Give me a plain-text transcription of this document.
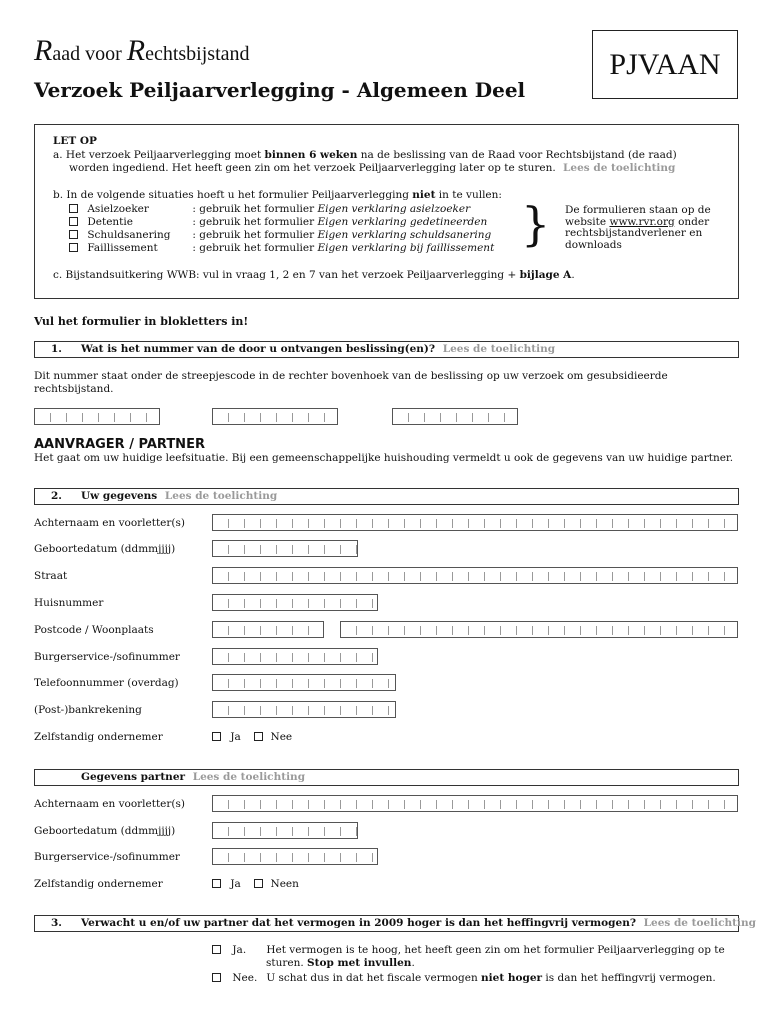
Raad voor Rechtsbijstand
Verzoek Peiljaarverlegging - Algemeen Deel
PJVAAN
LET OP
a. Het verzoek Peiljaarverlegging moet binnen 6 weken na de beslissing van de Raad voor Rechtsbijstand (de raad)
worden ingediend. Het heeft geen zin om het verzoek Peiljaarverlegging later op te sturen. Lees de toelichting
b. In de volgende situaties hoeft u het formulier Peiljaarverlegging niet in te vullen:
Asielzoeker	: gebruik het formulier Eigen verklaring asielzoeker
Detentie	: gebruik het formulier Eigen verklaring gedetineerden
Schuldsanering : gebruik het formulier Eigen verklaring schuldsanering
Faillissement	: gebruik het formulier Eigen verklaring bij faillissement } De formulieren staan op de website www.rvr.org onder rechtsbijstandverlener en downloads
c. Bijstandsuitkering WWB: vul in vraag 1, 2 en 7 van het verzoek Peiljaarverlegging + bijlage A.
Vul het formulier in blokletters in!
1. Wat is het nummer van de door u ontvangen beslissing(en)? Lees de toelichting
Dit nummer staat onder de streepjescode in de rechter bovenhoek van de beslissing op uw verzoek om gesubsidieerde
rechtsbijstand.
AANVRAGER / PARTNER
Het gaat om uw huidige leefsituatie. Bij een gemeenschappelijke huishouding vermeldt u ook de gegevens van uw huidige partner.
2. Uw gegevens Lees de toelichting
Achternaam en voorletter(s)
Geboortedatum (ddmmjjjj)
Straat
Huisnummer
Postcode / Woonplaats
Burgerservice-/sofinummer
Telefoonnummer (overdag)
(Post-)bankrekening
Zelfstandig ondernemer	Ja	Nee
Gegevens partner Lees de toelichting
Achternaam en voorletter(s)
Geboortedatum (ddmmjjjj)
Burgerservice-/sofinummer
Zelfstandig ondernemer	Ja	Neen
3. Verwacht u en/of uw partner dat het vermogen in 2009 hoger is dan het heffingvrij vermogen? Lees de toelichting
Ja. Het vermogen is te hoog, het heeft geen zin om het formulier Peiljaarverlegging op te
sturen. Stop met invullen.
Nee. U schat dus in dat het fiscale vermogen niet hoger is dan het heffingvrij vermogen.
